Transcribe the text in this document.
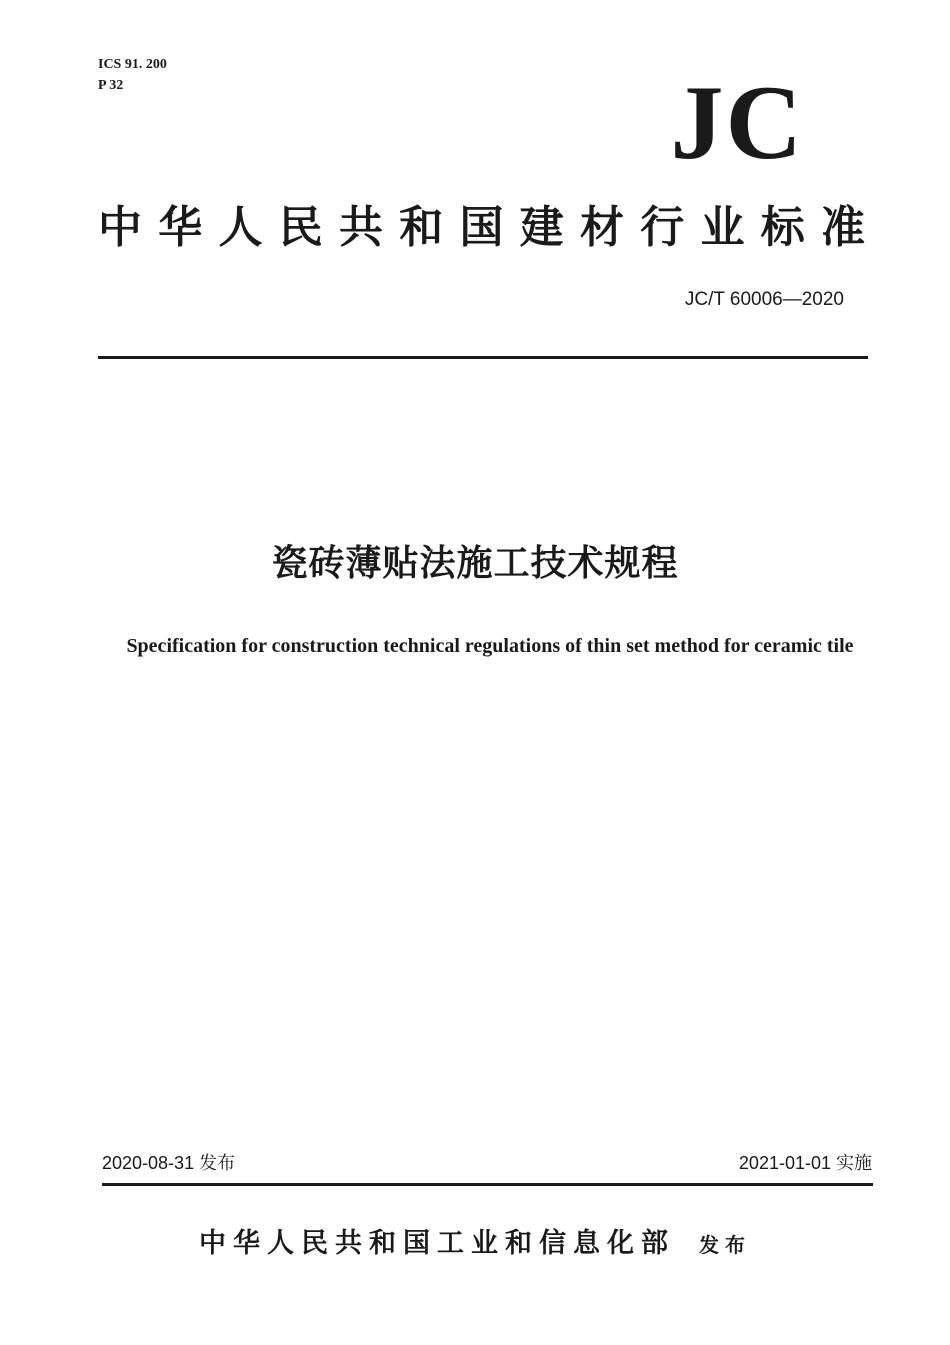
ICS 91. 200
P 32	JC
中华人民共和国建材行业标准
JC/T 60006—2020
瓷砖薄贴法施工技术规程
Specification for construction technical regulations of thin set method for ceramic tile
2020-08-31 发布	2021-01-01 实施
中华人民共和国工业和信息化部 发布
